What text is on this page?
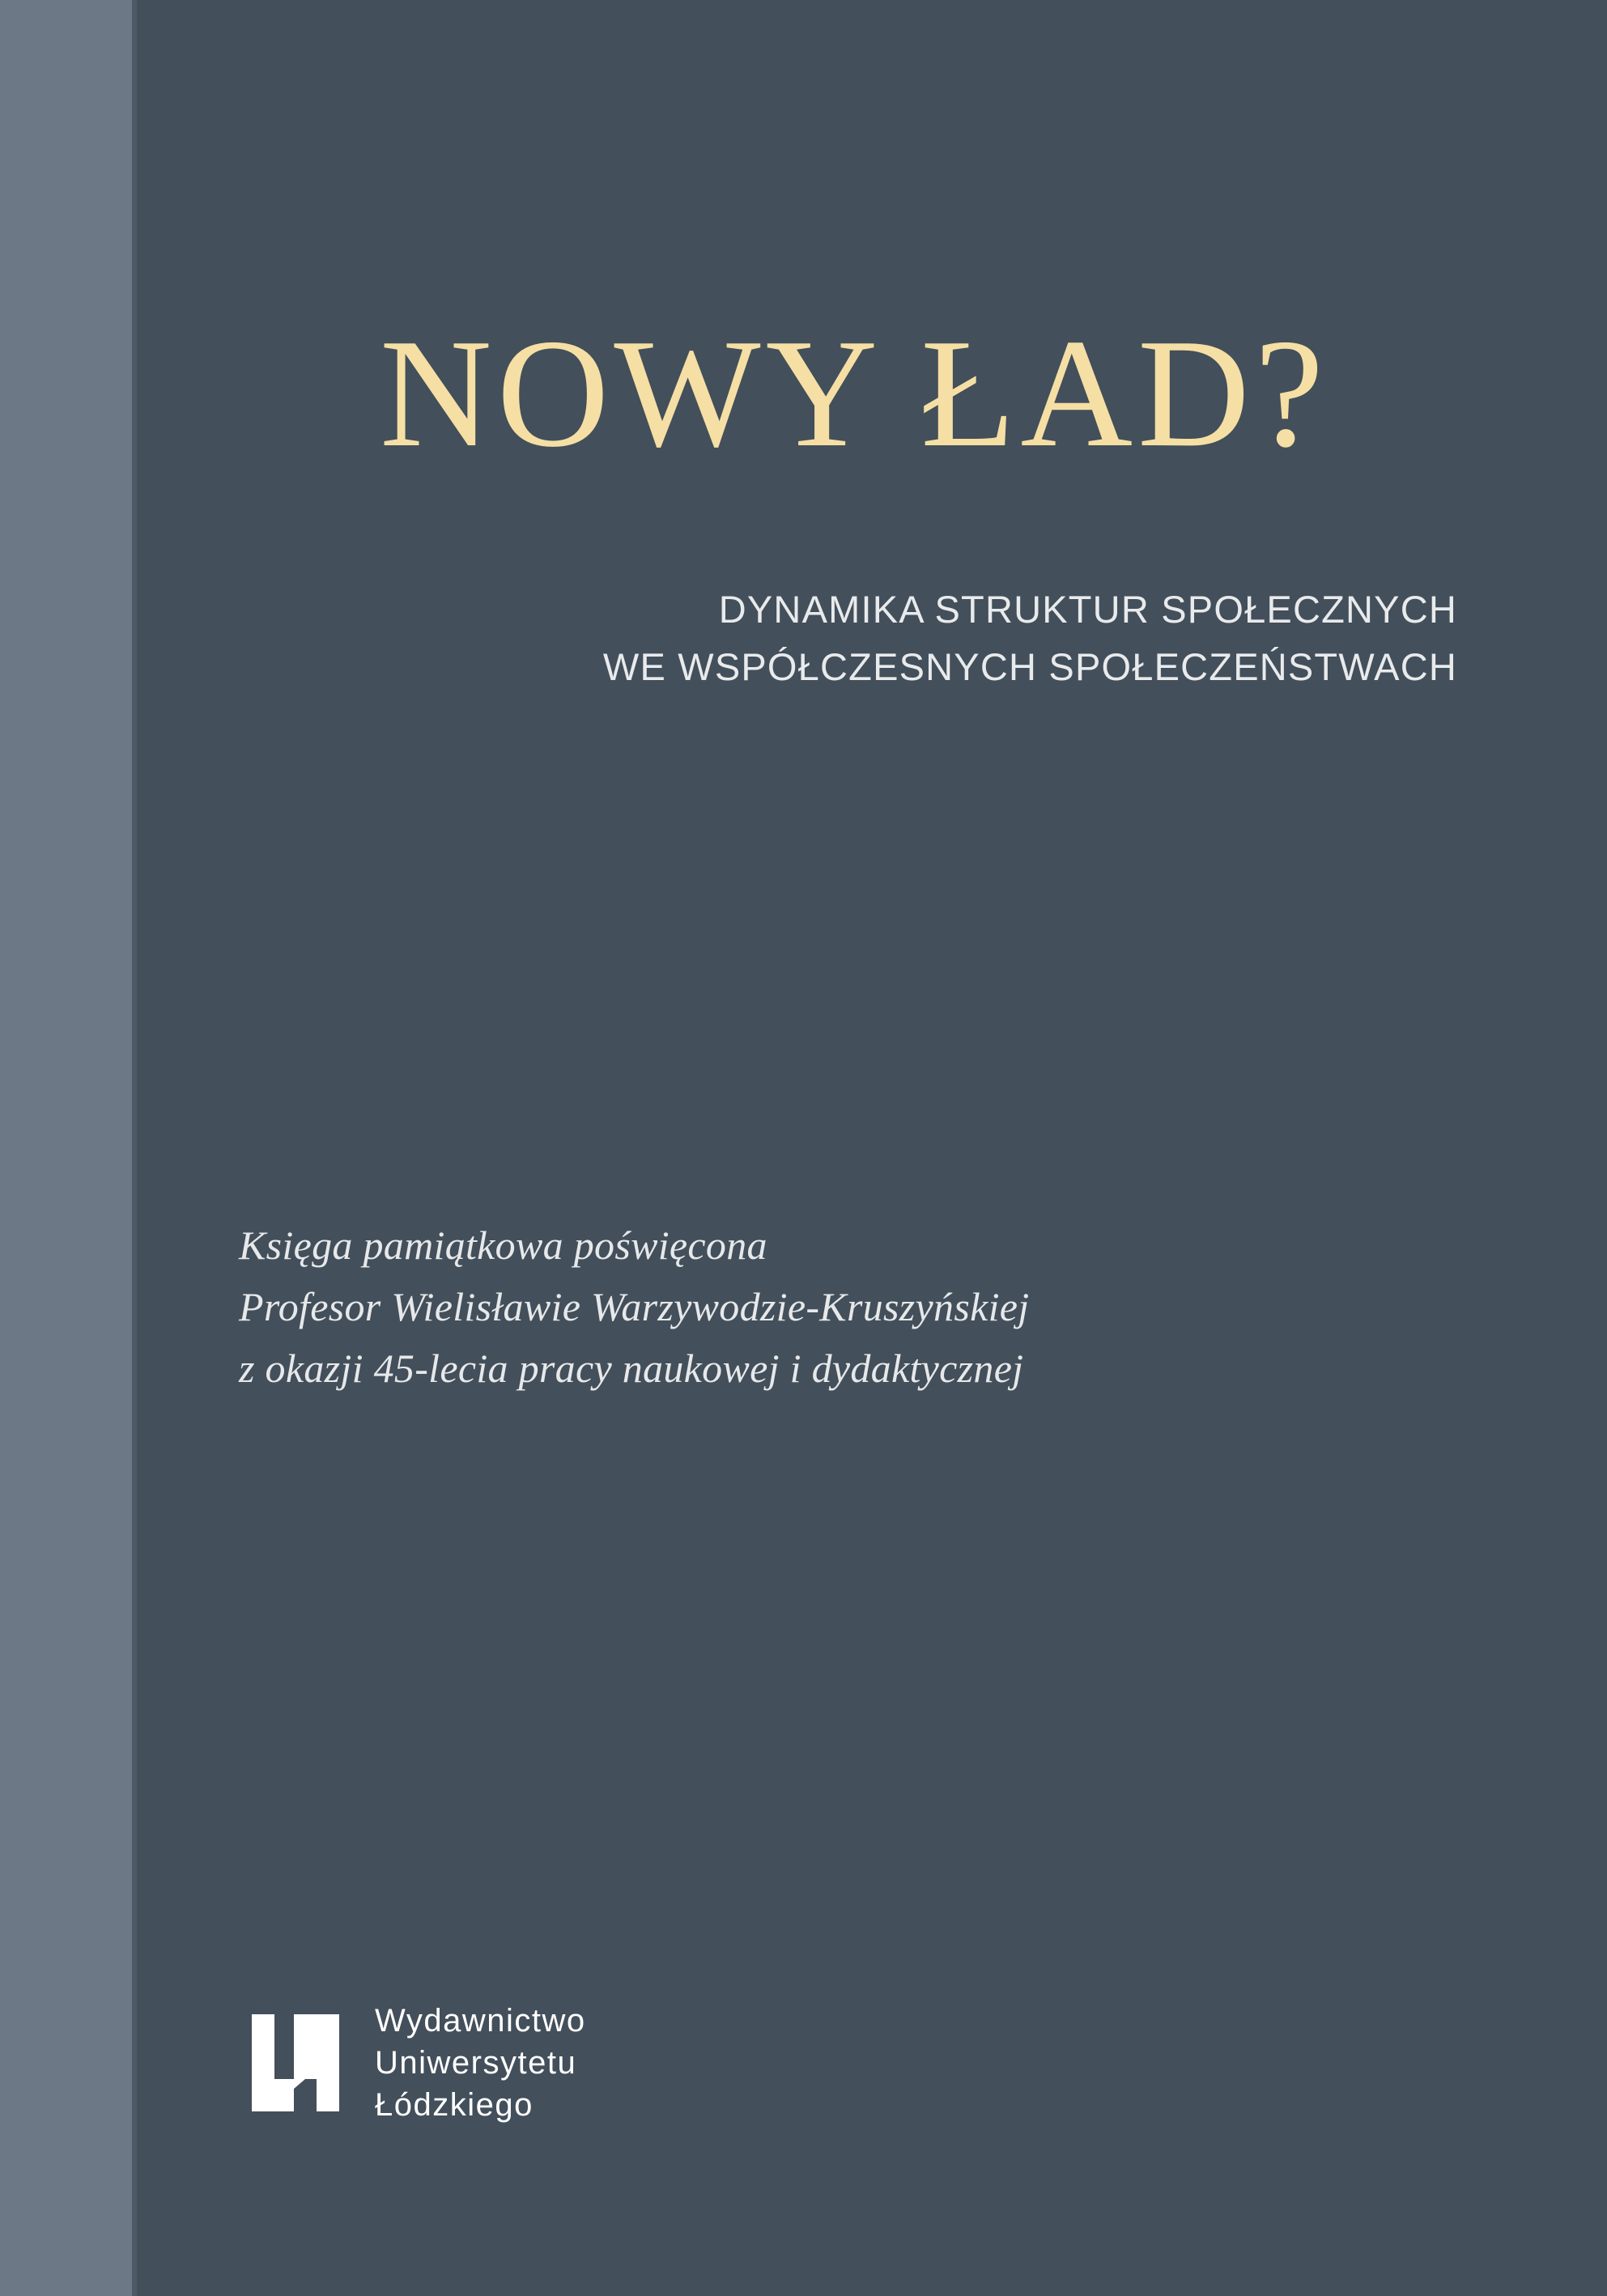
NOWY ŁAD?
DYNAMIKA STRUKTUR SPOŁECZNYCH
WE WSPÓŁCZESNYCH SPOŁECZEŃSTWACH
Księga pamiątkowa poświęcona
Profesor Wielisławie Warzywodzie-Kruszyńskiej
z okazji 45-lecia pracy naukowej i dydaktycznej
Wydawnictwo
Uniwersytetu
Łódzkiego
